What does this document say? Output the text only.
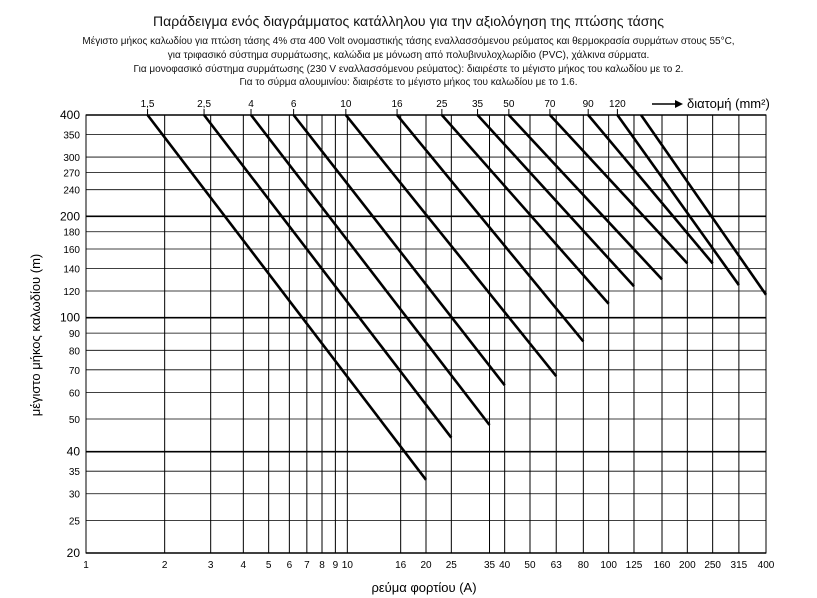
Παράδειγμα ενός διαγράμματος κατάλληλου για την αξιολόγηση της πτώσης τάσης
Μέγιστο μήκος καλωδίου για πτώση τάσης 4% στα 400 Volt ονομαστικής τάσης εναλλασσόμενου ρεύματος και θερμοκρασία συρμάτων στους 55°C,
για τριφασικό σύστημα συρμάτωσης, καλώδια με μόνωση από πολυβινυλοχλωρίδιο (PVC), χάλκινα σύρματα.
Για μονοφασικό σύστημα συρμάτωσης (230 V εναλλασσόμενου ρεύματος): διαιρέστε το μέγιστο μήκος του καλωδίου με το 2.
Για το σύρμα αλουμινίου: διαιρέστε το μέγιστο μήκος του καλωδίου με το 1.6.
ρεύμα φορτίου (A)
μέγιστο μήκος καλωδίου (m)
διατομή (mm²)
1	2	3	4 5 6 7 8 9 10	16 20 25	35 40 50 63 80 100 125 160 200 250 315 400
20
25
30
35
40
50
60
70
80
90
100
120
140
160
180
200
240
270
300
350
400
1,5	2,5	4	6	10	16	25 35 50	70	90 120
